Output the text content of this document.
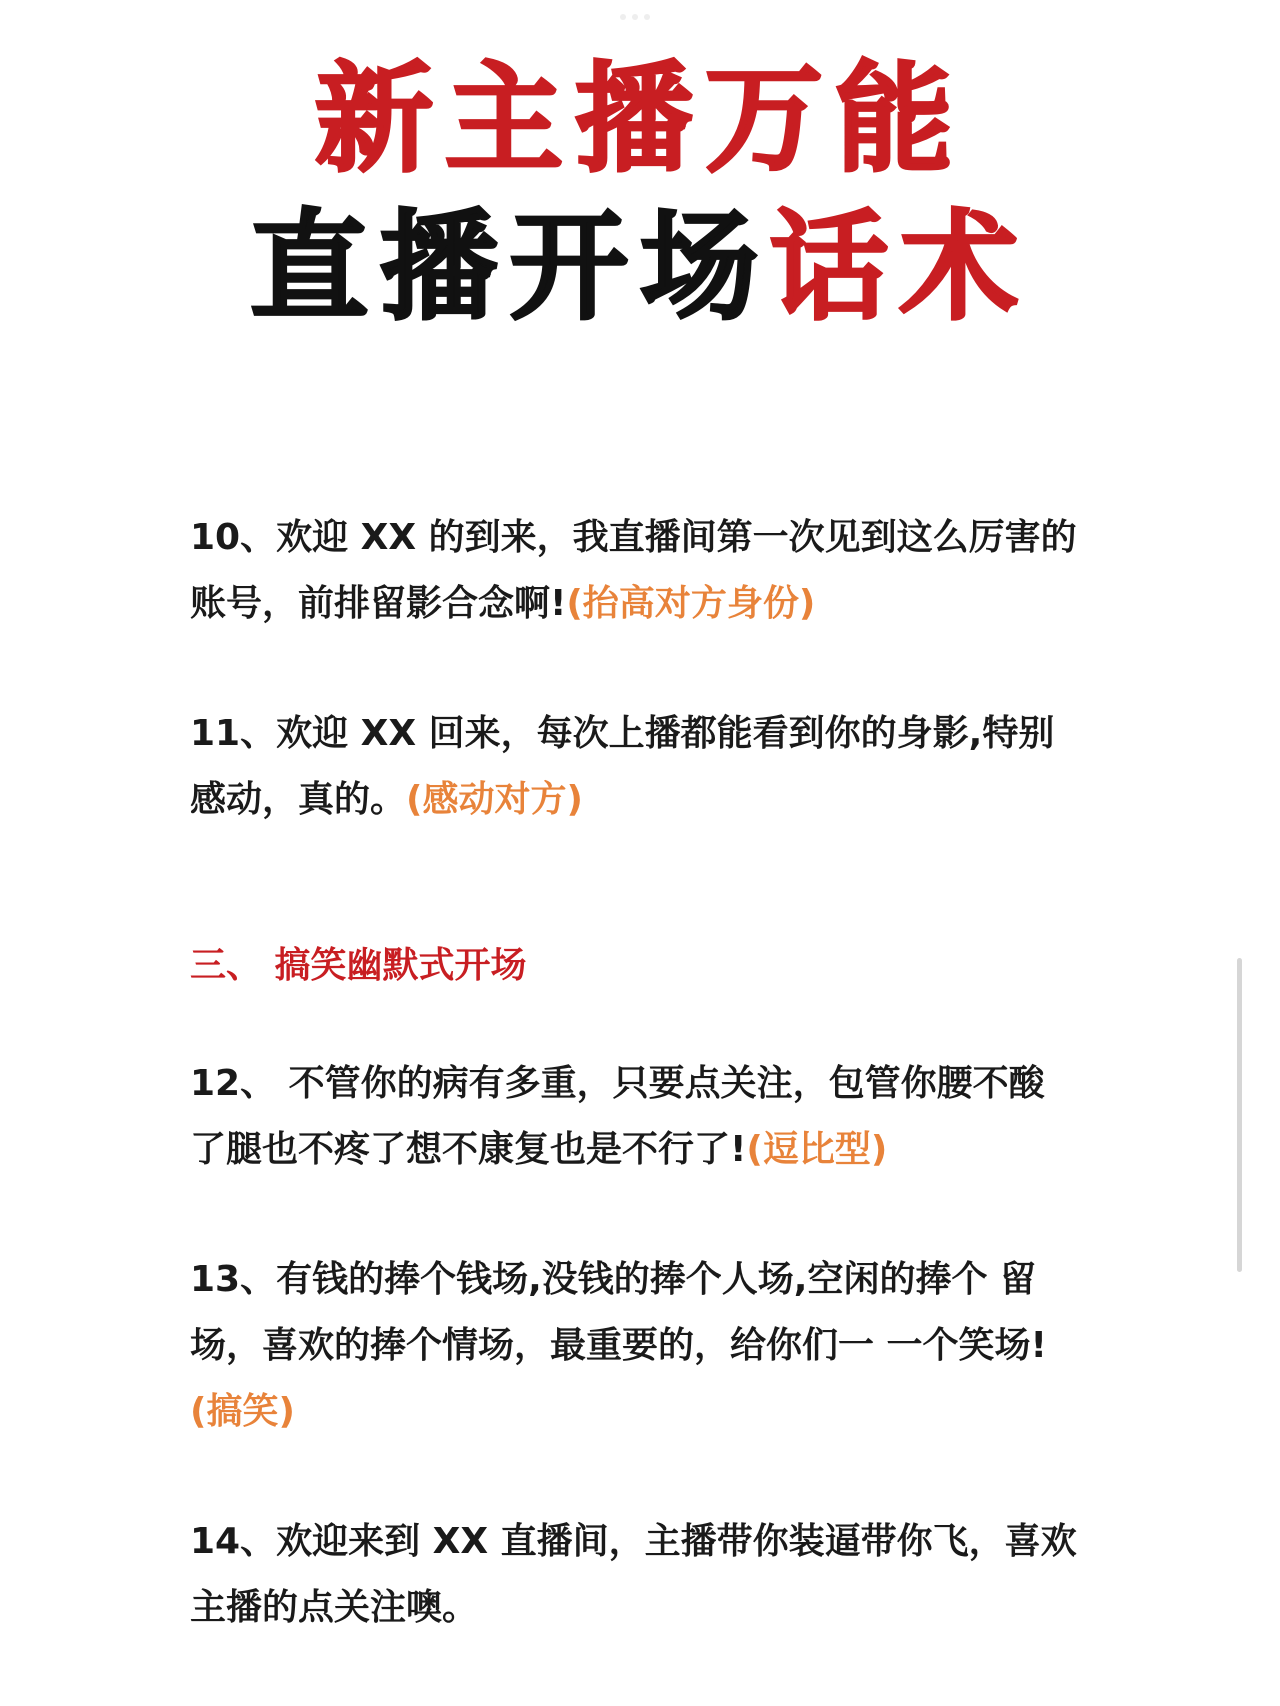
新主播万能
直播开场话术

10、欢迎 XX 的到来，我直播间第一次见到这么厉害的账号，前排留影合念啊!(抬高对方身份)

11、欢迎 XX 回来，每次上播都能看到你的身影,特别感动，真的。(感动对方)

三、 搞笑幽默式开场

12、 不管你的病有多重，只要点关注，包管你腰不酸了腿也不疼了想不康复也是不行了!(逗比型)

13、有钱的捧个钱场,没钱的捧个人场,空闲的捧个 留场，喜欢的捧个情场，最重要的，给你们一 一个笑场!(搞笑)

14、欢迎来到 XX 直播间，主播带你装逼带你飞，喜欢主播的点关注噢。
